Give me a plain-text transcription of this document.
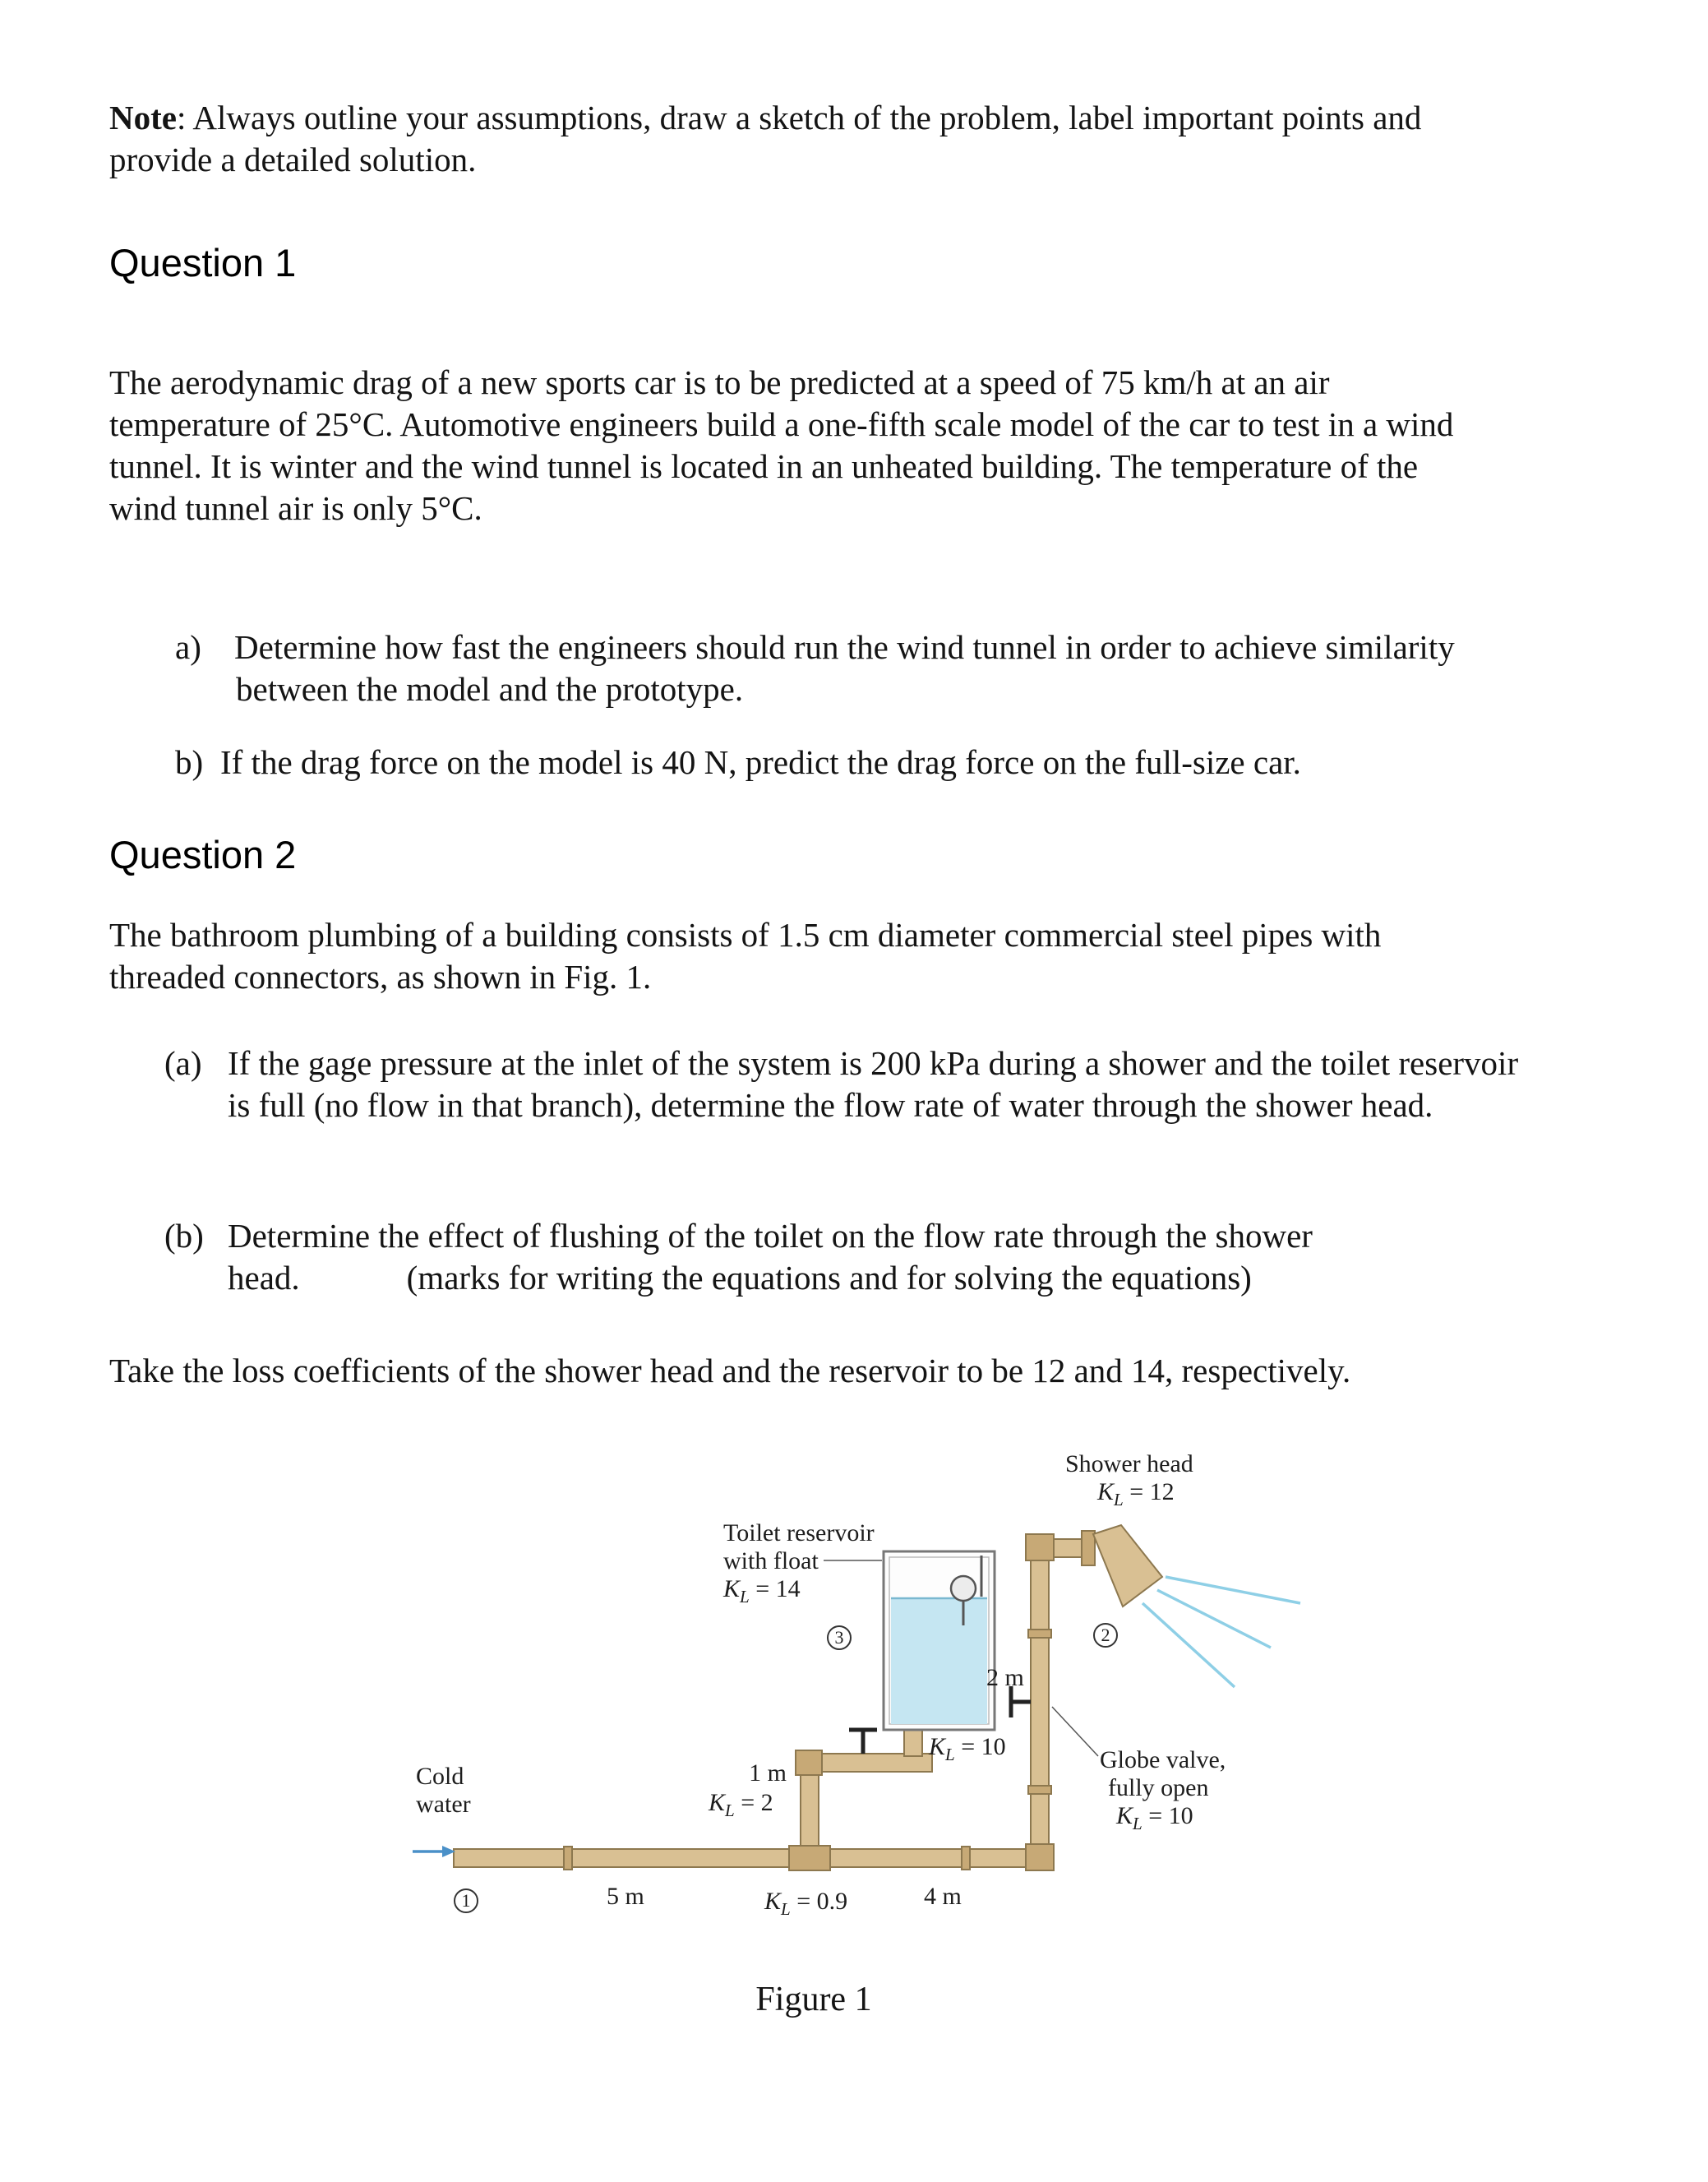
Note: Always outline your assumptions, draw a sketch of the problem, label important points and provide a detailed solution.
Question 1
The aerodynamic drag of a new sports car is to be predicted at a speed of 75 km/h at an air temperature of 25°C. Automotive engineers build a one-fifth scale model of the car to test in a wind tunnel. It is winter and the wind tunnel is located in an unheated building. The temperature of the wind tunnel air is only 5°C.
a) Determine how fast the engineers should run the wind tunnel in order to achieve similarity between the model and the prototype.
b) If the drag force on the model is 40 N, predict the drag force on the full-size car.
Question 2
The bathroom plumbing of a building consists of 1.5 cm diameter commercial steel pipes with threaded connectors, as shown in Fig. 1.
(a) If the gage pressure at the inlet of the system is 200 kPa during a shower and the toilet reservoir is full (no flow in that branch), determine the flow rate of water through the shower head.
(b) Determine the effect of flushing of the toilet on the flow rate through the shower
head.	(marks for writing the equations and for solving the equations)
Take the loss coefficients of the shower head and the reservoir to be 12 and 14, respectively.
Shower head
$K_L = 12$
Toilet reservoir
with float
$K_L = 14$
2 m
Globe valve,
fully open
$K_L = 10$
$K_L = 10$
1 m
$K_L = 2$
Cold
water
5 m	$K_L = 0.9$	4 m
1
2
3
Figure 1
